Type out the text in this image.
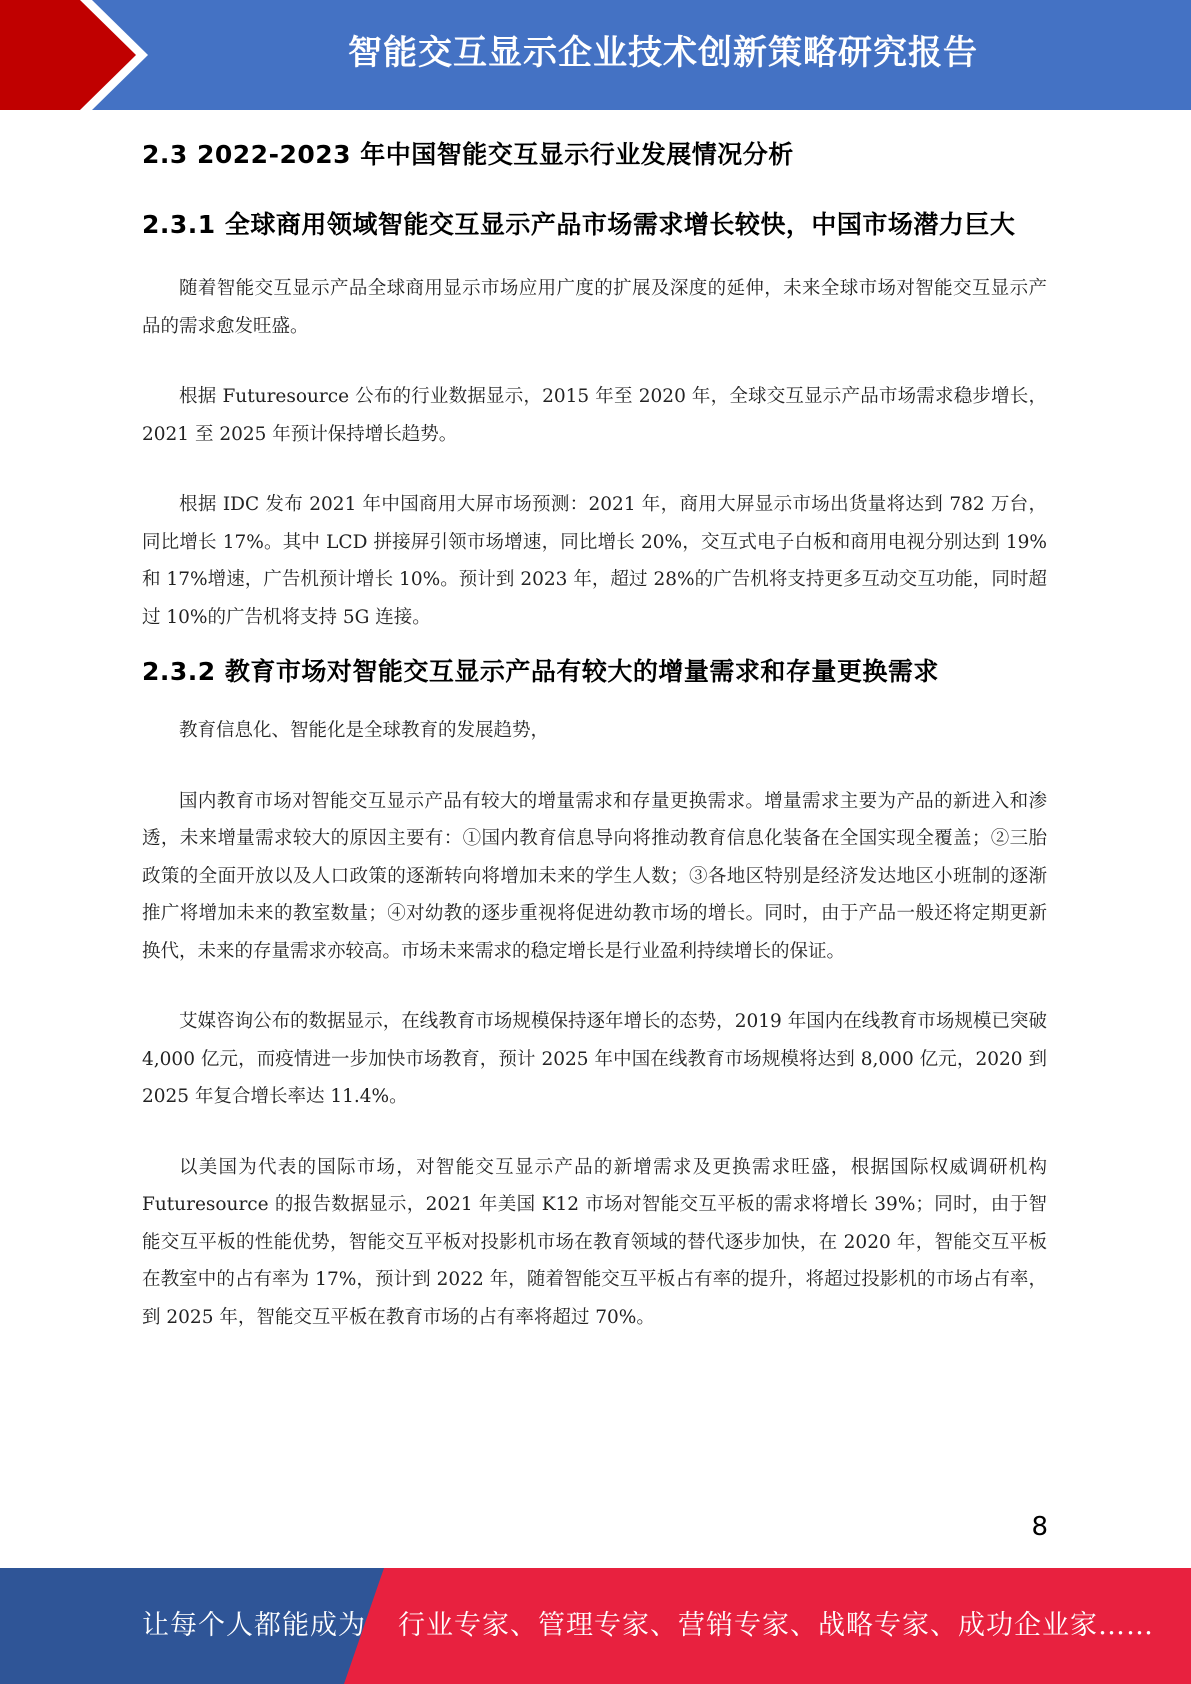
智能交互显示企业技术创新策略研究报告
2.3 2022-2023 年中国智能交互显示行业发展情况分析
2.3.1 全球商用领域智能交互显示产品市场需求增长较快，中国市场潜力巨大

随着智能交互显示产品全球商用显示市场应用广度的扩展及深度的延伸，未来全球市场对智能交互显示产品的需求愈发旺盛。

根据 Futuresource 公布的行业数据显示，2015 年至 2020 年，全球交互显示产品市场需求稳步增长，2021 至 2025 年预计保持增长趋势。

根据 IDC 发布 2021 年中国商用大屏市场预测：2021 年，商用大屏显示市场出货量将达到 782 万台，同比增长 17%。其中 LCD 拼接屏引领市场增速，同比增长 20%，交互式电子白板和商用电视分别达到 19%和 17%增速，广告机预计增长 10%。预计到 2023 年，超过 28%的广告机将支持更多互动交互功能，同时超过 10%的广告机将支持 5G 连接。

2.3.2 教育市场对智能交互显示产品有较大的增量需求和存量更换需求

教育信息化、智能化是全球教育的发展趋势，

国内教育市场对智能交互显示产品有较大的增量需求和存量更换需求。增量需求主要为产品的新进入和渗透，未来增量需求较大的原因主要有：①国内教育信息导向将推动教育信息化装备在全国实现全覆盖；②三胎政策的全面开放以及人口政策的逐渐转向将增加未来的学生人数；③各地区特别是经济发达地区小班制的逐渐推广将增加未来的教室数量；④对幼教的逐步重视将促进幼教市场的增长。同时，由于产品一般还将定期更新换代，未来的存量需求亦较高。市场未来需求的稳定增长是行业盈利持续增长的保证。

艾媒咨询公布的数据显示，在线教育市场规模保持逐年增长的态势，2019 年国内在线教育市场规模已突破 4,000 亿元，而疫情进一步加快市场教育，预计 2025 年中国在线教育市场规模将达到 8,000 亿元，2020 到 2025 年复合增长率达 11.4%。

以美国为代表的国际市场，对智能交互显示产品的新增需求及更换需求旺盛，根据国际权威调研机构 Futuresource 的报告数据显示，2021 年美国 K12 市场对智能交互平板的需求将增长 39%；同时，由于智能交互平板的性能优势，智能交互平板对投影机市场在教育领域的替代逐步加快，在 2020 年，智能交互平板在教室中的占有率为 17%，预计到 2022 年，随着智能交互平板占有率的提升，将超过投影机的市场占有率，到 2025 年，智能交互平板在教育市场的占有率将超过 70%。

8
让每个人都能成为 行业专家、管理专家、营销专家、战略专家、成功企业家……
